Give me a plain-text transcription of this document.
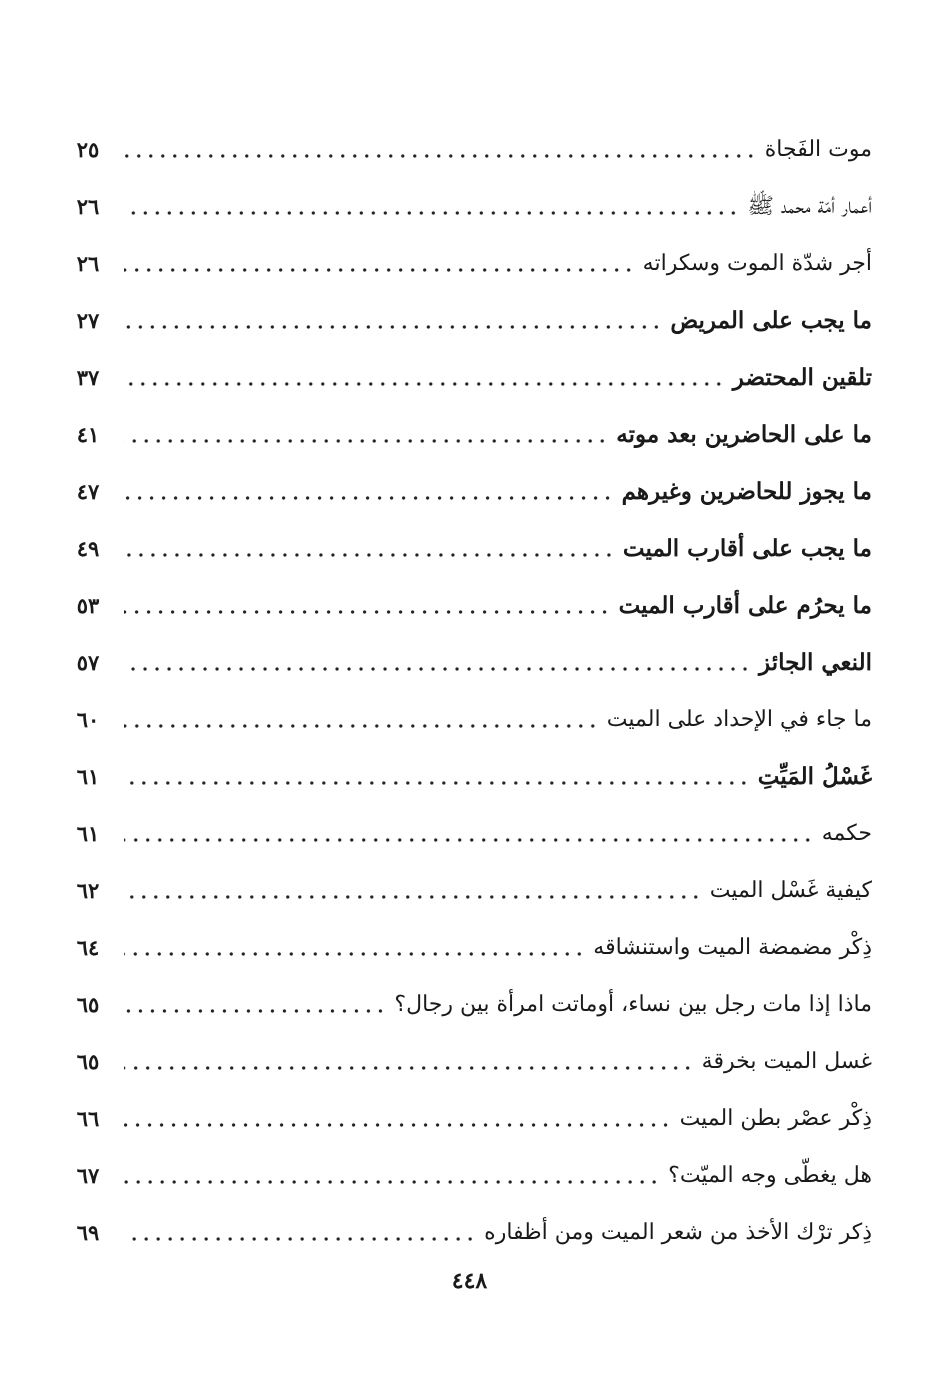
موت الفَجاة
٢٥
أعمار أمّة محمد ﷺ
٢٦
أجر شدّة الموت وسكراته
٢٦
ما يجب على المريض
٢٧
تلقين المحتضر
٣٧
ما على الحاضرين بعد موته
٤١
ما يجوز للحاضرين وغيرهم
٤٧
ما يجب على أقارب الميت
٤٩
ما يحرُم على أقارب الميت
٥٣
النعي الجائز
٥٧
ما جاء في الإحداد على الميت
٦٠
غَسْلُ المَيِّتِ
٦١
حكمه
٦١
كيفية غَسْل الميت
٦٢
ذِكْر مضمضة الميت واستنشاقه
٦٤
ماذا إذا مات رجل بين نساء، أوماتت امرأة بين رجال؟
٦٥
غسل الميت بخرقة
٦٥
ذِكْر عصْر بطن الميت
٦٦
هل يغطّى وجه الميّت؟
٦٧
ذِكر ترْك الأخذ من شعر الميت ومن أظفاره
٦٩
٤٤٨
